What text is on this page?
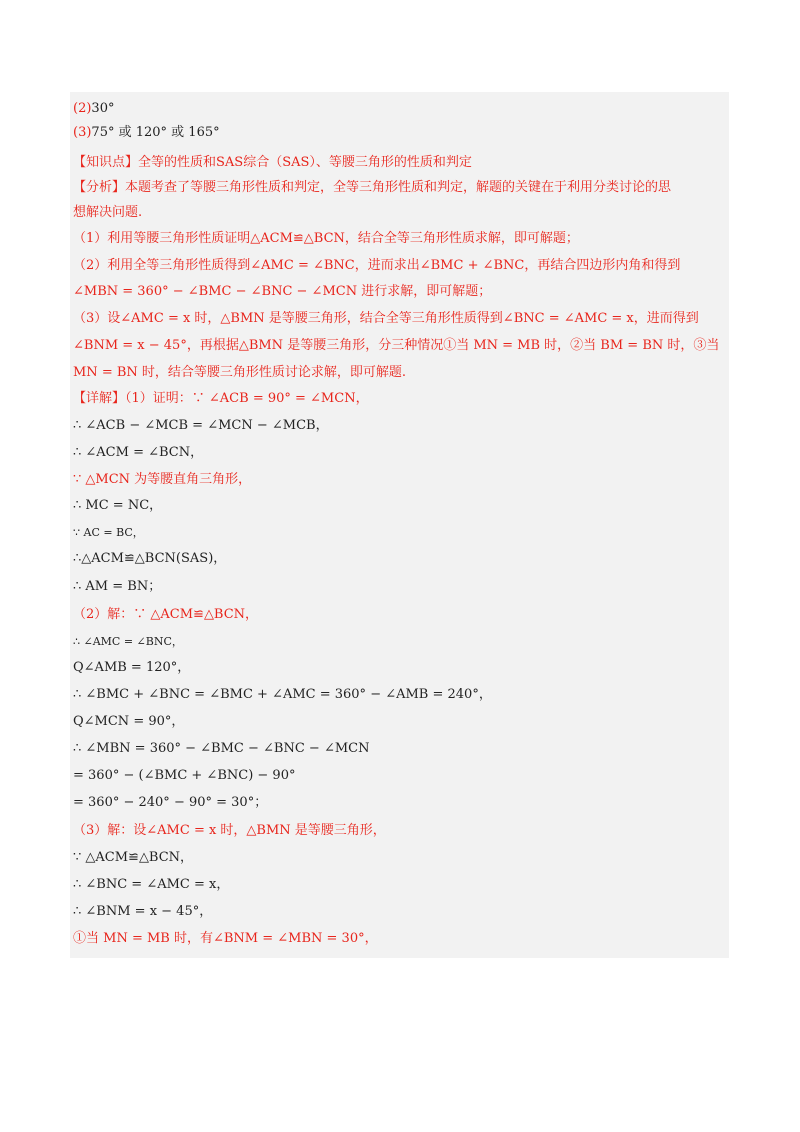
(2)30°
(3)75° 或 120° 或 165°
【知识点】全等的性质和SAS综合（SAS）、等腰三角形的性质和判定
【分析】本题考查了等腰三角形性质和判定，全等三角形性质和判定，解题的关键在于利用分类讨论的思
想解决问题.
（1）利用等腰三角形性质证明△ACM≌△BCN，结合全等三角形性质求解，即可解题；
（2）利用全等三角形性质得到∠AMC = ∠BNC，进而求出∠BMC + ∠BNC，再结合四边形内角和得到
∠MBN = 360° − ∠BMC − ∠BNC − ∠MCN 进行求解，即可解题；
（3）设∠AMC = x 时，△BMN 是等腰三角形，结合全等三角形性质得到∠BNC = ∠AMC = x，进而得到
∠BNM = x − 45°，再根据△BMN 是等腰三角形，分三种情况①当 MN = MB 时，②当 BM = BN 时，③当
MN = BN 时，结合等腰三角形性质讨论求解，即可解题.
【详解】（1）证明：∵ ∠ACB = 90° = ∠MCN，
∴ ∠ACB − ∠MCB = ∠MCN − ∠MCB，
∴ ∠ACM = ∠BCN，
∵ △MCN 为等腰直角三角形，
∴ MC = NC，
∵ AC = BC，
∴△ACM≌△BCN(SAS)，
∴ AM = BN；
（2）解：∵ △ACM≌△BCN，
∴ ∠AMC = ∠BNC，
Q∠AMB = 120°，
∴ ∠BMC + ∠BNC = ∠BMC + ∠AMC = 360° − ∠AMB = 240°，
Q∠MCN = 90°，
∴ ∠MBN = 360° − ∠BMC − ∠BNC − ∠MCN
= 360° − (∠BMC + ∠BNC) − 90°
= 360° − 240° − 90° = 30°；
（3）解：设∠AMC = x 时，△BMN 是等腰三角形，
∵ △ACM≌△BCN，
∴ ∠BNC = ∠AMC = x，
∴ ∠BNM = x − 45°，
①当 MN = MB 时，有∠BNM = ∠MBN = 30°，
